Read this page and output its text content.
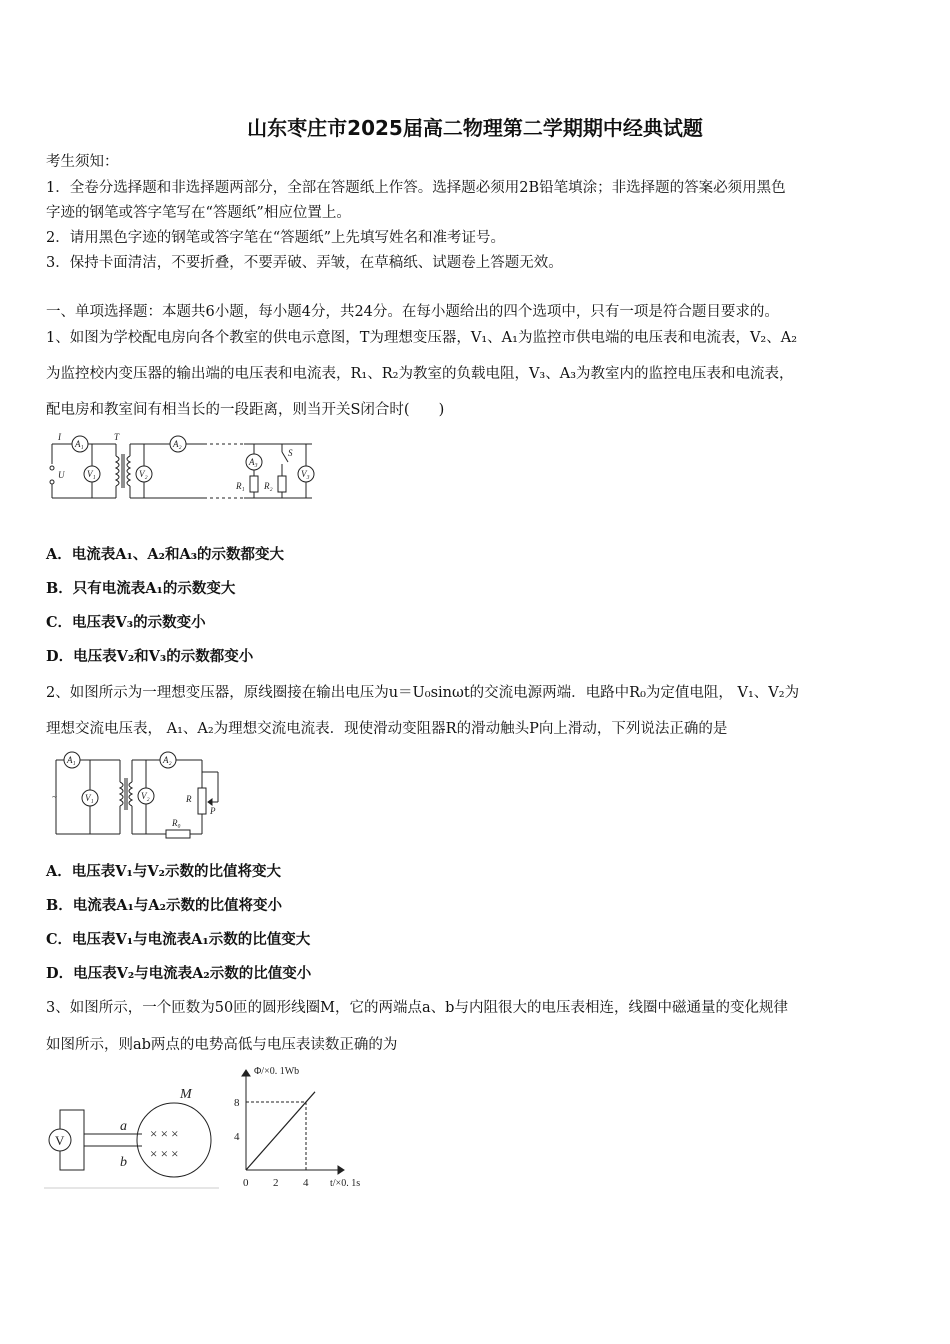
山东枣庄市2025届高二物理第二学期期中经典试题
考生须知：
1．全卷分选择题和非选择题两部分，全部在答题纸上作答。选择题必须用2B铅笔填涂；非选择题的答案必须用黑色
字迹的钢笔或答字笔写在“答题纸”相应位置上。
2．请用黑色字迹的钢笔或答字笔在“答题纸”上先填写姓名和准考证号。
3．保持卡面清洁，不要折叠，不要弄破、弄皱，在草稿纸、试题卷上答题无效。
一、单项选择题：本题共6小题，每小题4分，共24分。在每小题给出的四个选项中，只有一项是符合题目要求的。
1、如图为学校配电房向各个教室的供电示意图，T为理想变压器，V₁、A₁为监控市供电端的电压表和电流表，V₂、A₂
为监控校内变压器的输出端的电压表和电流表，R₁、R₂为教室的负载电阻，V₃、A₃为教室内的监控电压表和电流表，
配电房和教室间有相当长的一段距离，则当开关S闭合时(　　)
I
A₁
T
A₂
U	V₁	V₂
A₃
S
R₁ R₂
V₃
A．电流表A₁、A₂和A₃的示数都变大
B．只有电流表A₁的示数变大
C．电压表V₃的示数变小
D．电压表V₂和V₃的示数都变小
2、如图所示为一理想变压器，原线圈接在输出电压为u＝U₀sinωt的交流电源两端．电路中R₀为定值电阻， V₁、V₂为
理想交流电压表， A₁、A₂为理想交流电流表．现使滑动变阻器R的滑动触头P向上滑动，下列说法正确的是
A₁	A₂
V₁	V₂	R
P
R₀
~
A．电压表V₁与V₂示数的比值将变大
B．电流表A₁与A₂示数的比值将变小
C．电压表V₁与电流表A₁示数的比值变大
D．电压表V₂与电流表A₂示数的比值变小
3、如图所示，一个匝数为50匝的圆形线圈M，它的两端点a、b与内阻很大的电压表相连，线圈中磁通量的变化规律
如图所示，则ab两点的电势高低与电压表读数正确的为
V
a
b
M
× × ×
× × ×
0 2 4
4
8
Φ/×0. 1Wb
t/×0. 1s
